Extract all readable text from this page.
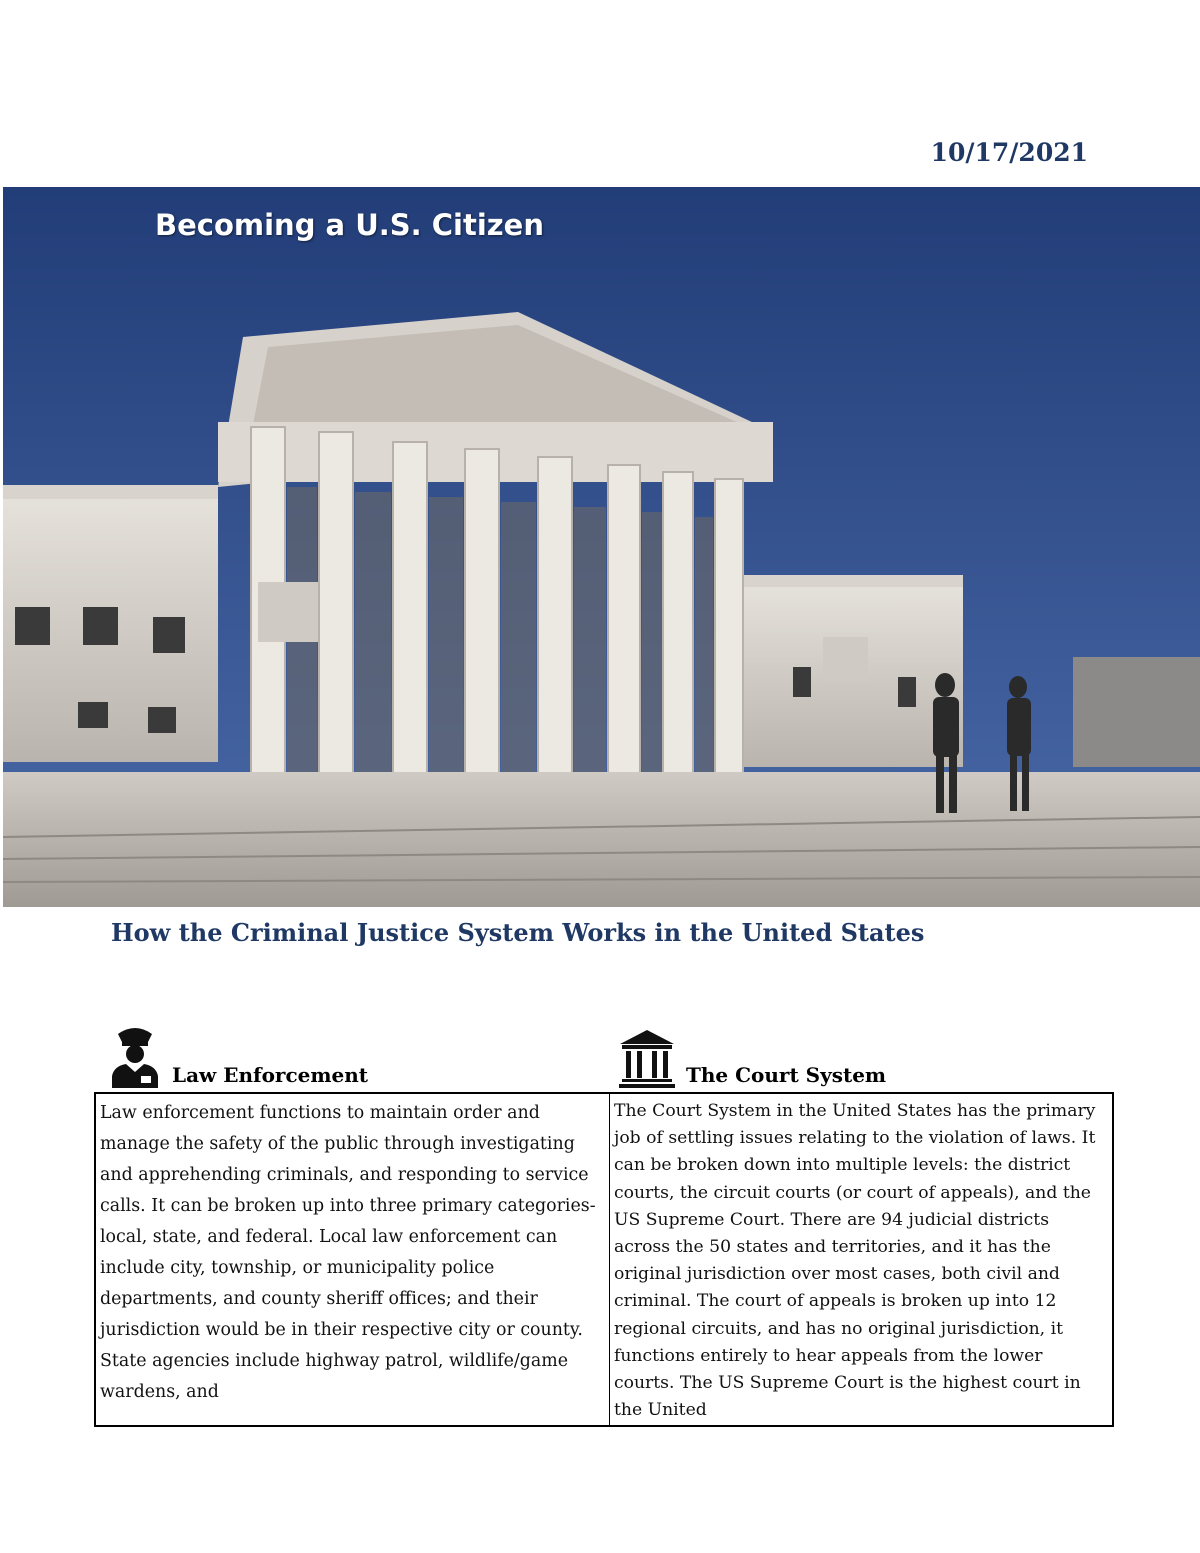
10/17/2021
Becoming a U.S. Citizen
How the Criminal Justice System Works in the United States
Law Enforcement	The Court System
Law enforcement functions to maintain order and manage the safety of the public through investigating and apprehending criminals, and responding to service calls. It can be broken up into three primary categories- local, state, and federal. Local law enforcement can include city, township, or municipality police departments, and county sheriff offices; and their jurisdiction would be in their respective city or county. State agencies include highway patrol, wildlife/game wardens, and
The Court System in the United States has the primary job of settling issues relating to the violation of laws. It can be broken down into multiple levels: the district courts, the circuit courts (or court of appeals), and the US Supreme Court. There are 94 judicial districts across the 50 states and territories, and it has the original jurisdiction over most cases, both civil and criminal. The court of appeals is broken up into 12 regional circuits, and has no original jurisdiction, it functions entirely to hear appeals from the lower courts. The US Supreme Court is the highest court in the United
